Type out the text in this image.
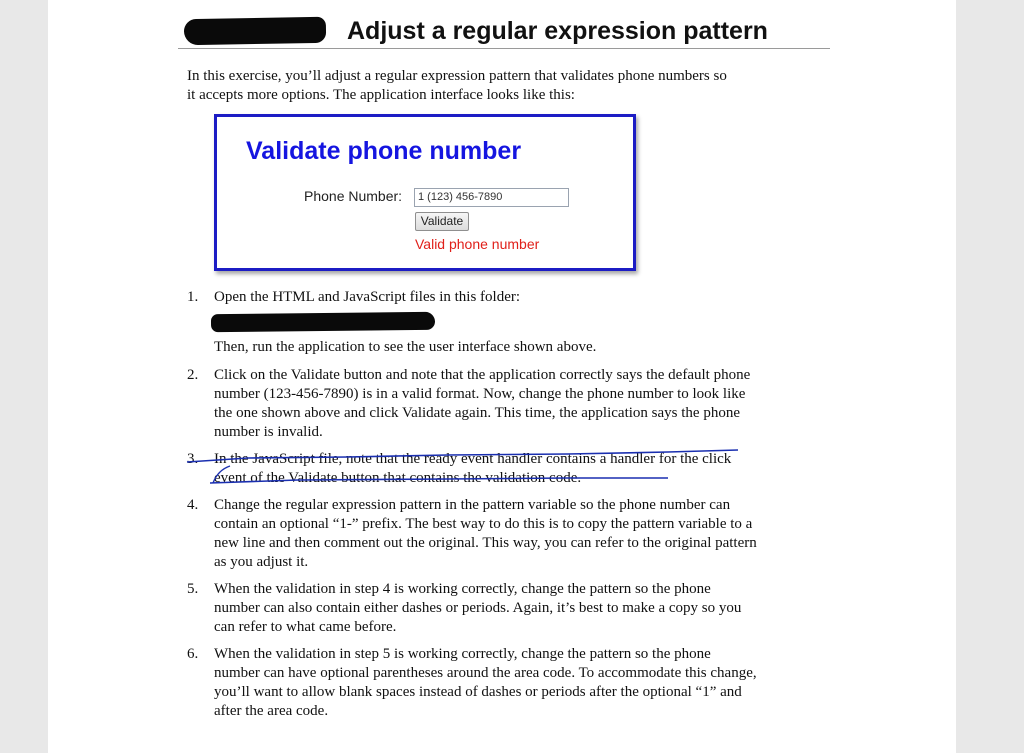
Adjust a regular expression pattern
In this exercise, you’ll adjust a regular expression pattern that validates phone numbers so it accepts more options. The application interface looks like this:
Validate phone number
Phone Number:	1 (123) 456-7890
Validate
Valid phone number
1. Open the HTML and JavaScript files in this folder:
Then, run the application to see the user interface shown above.
2. Click on the Validate button and note that the application correctly says the default phone number (123-456-7890) is in a valid format. Now, change the phone number to look like the one shown above and click Validate again. This time, the application says the phone number is invalid.
3. In the JavaScript file, note that the ready event handler contains a handler for the click event of the Validate button that contains the validation code.
4. Change the regular expression pattern in the pattern variable so the phone number can contain an optional “1-” prefix. The best way to do this is to copy the pattern variable to a new line and then comment out the original. This way, you can refer to the original pattern as you adjust it.
5. When the validation in step 4 is working correctly, change the pattern so the phone number can also contain either dashes or periods. Again, it’s best to make a copy so you can refer to what came before.
6. When the validation in step 5 is working correctly, change the pattern so the phone number can have optional parentheses around the area code. To accommodate this change, you’ll want to allow blank spaces instead of dashes or periods after the optional “1” and after the area code.
